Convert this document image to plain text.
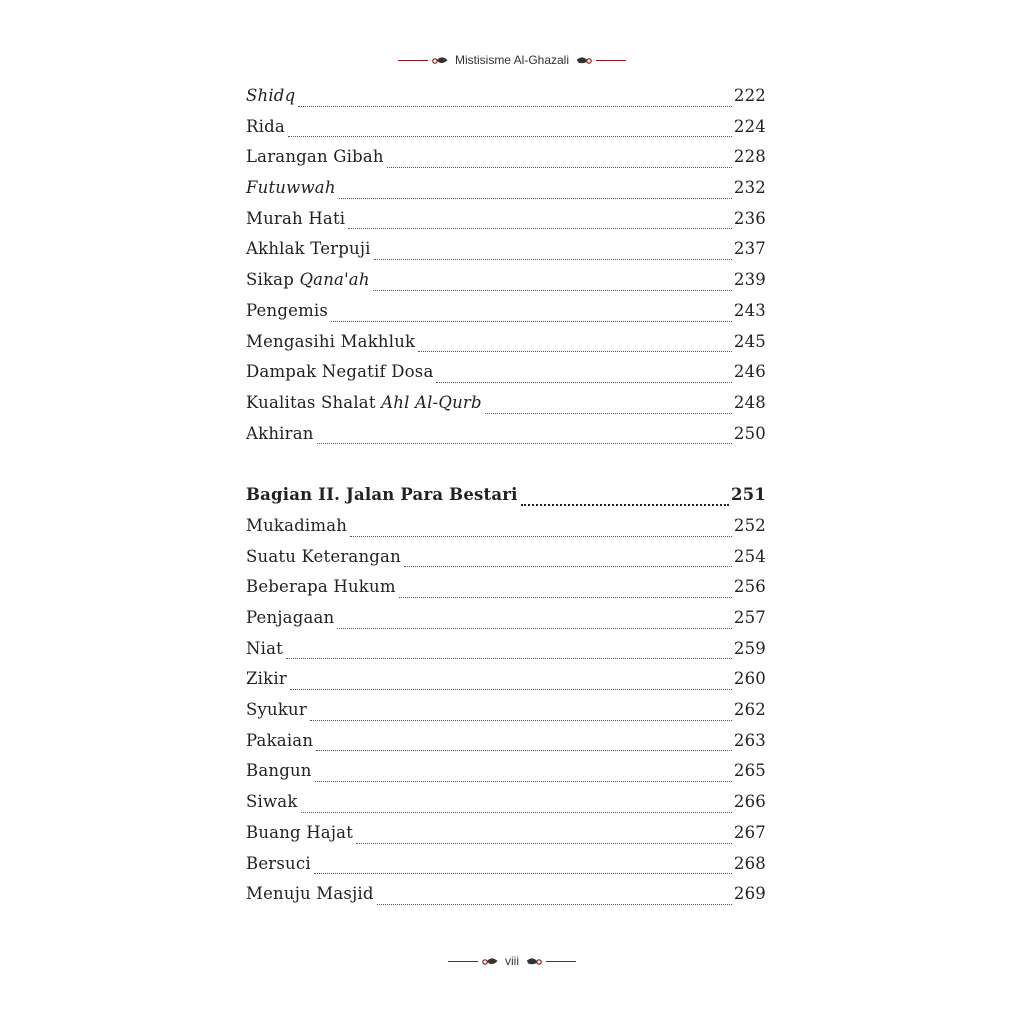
Mistisisme Al-Ghazali
Shidq	222
Rida	224
Larangan Gibah	228
Futuwwah	232
Murah Hati	236
Akhlak Terpuji	237
Sikap Qana'ah	239
Pengemis	243
Mengasihi Makhluk	245
Dampak Negatif Dosa	246
Kualitas Shalat Ahl Al-Qurb	248
Akhiran	250
Bagian II. Jalan Para Bestari	251
Mukadimah	252
Suatu Keterangan	254
Beberapa Hukum	256
Penjagaan	257
Niat	259
Zikir	260
Syukur	262
Pakaian	263
Bangun	265
Siwak	266
Buang Hajat	267
Bersuci	268
Menuju Masjid	269
viii
